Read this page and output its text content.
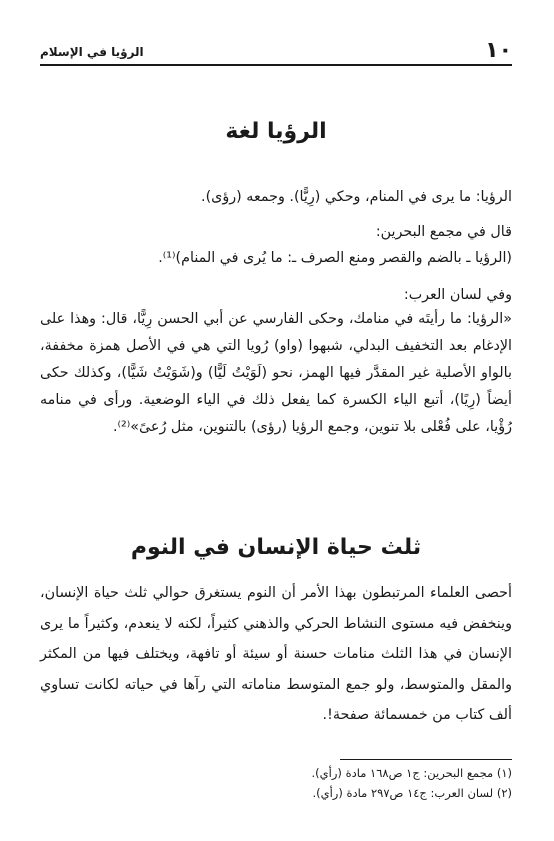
١٠
الرؤيا في الإسلام
الرؤيا لغة
الرؤيا: ما يرى في المنام، وحكي (رِيًّا). وجمعه (رؤى).
قال في مجمع البحرين:
(الرؤيا ـ بالضم والقصر ومنع الصرف ـ: ما يُرى في المنام)⁽¹⁾.
وفي لسان العرب:
«الرؤيا: ما رأيتَه في منامك، وحكى الفارسي عن أبي الحسن رِيًّا، قال: وهذا على الإدغام بعد التخفيف البدلي، شبهوا (واو) رُويا التي هي في الأصل همزة مخففة، بالواو الأصلية غير المقدَّر فيها الهمز، نحو (لَوَيْتُ لَيًّا) و(شَوَيْتُ شَيًّا)، وكذلك حكى أيضاً (رِيًا)، أتبع الياء الكسرة كما يفعل ذلك في الياء الوضعية. ورأى في منامه رُؤْيا، على فُعْلى بلا تنوين، وجمع الرؤيا (رؤى) بالتنوين، مثل رُعىً»⁽²⁾.
ثلث حياة الإنسان في النوم
أحصى العلماء المرتبطون بهذا الأمر أن النوم يستغرق حوالي ثلث حياة الإنسان، وينخفض فيه مستوى النشاط الحركي والذهني كثيراً، لكنه لا ينعدم، وكثيراً ما يرى الإنسان في هذا الثلث منامات حسنة أو سيئة أو تافهة، ويختلف فيها من المكثر والمقل والمتوسط، ولو جمع المتوسط مناماته التي رآها في حياته لكانت تساوي ألف كتاب من خمسمائة صفحة!.
(١) مجمع البحرين: ج١ ص١٦٨ مادة (رأي).
(٢) لسان العرب: ج١٤ ص٢٩٧ مادة (رأي).
